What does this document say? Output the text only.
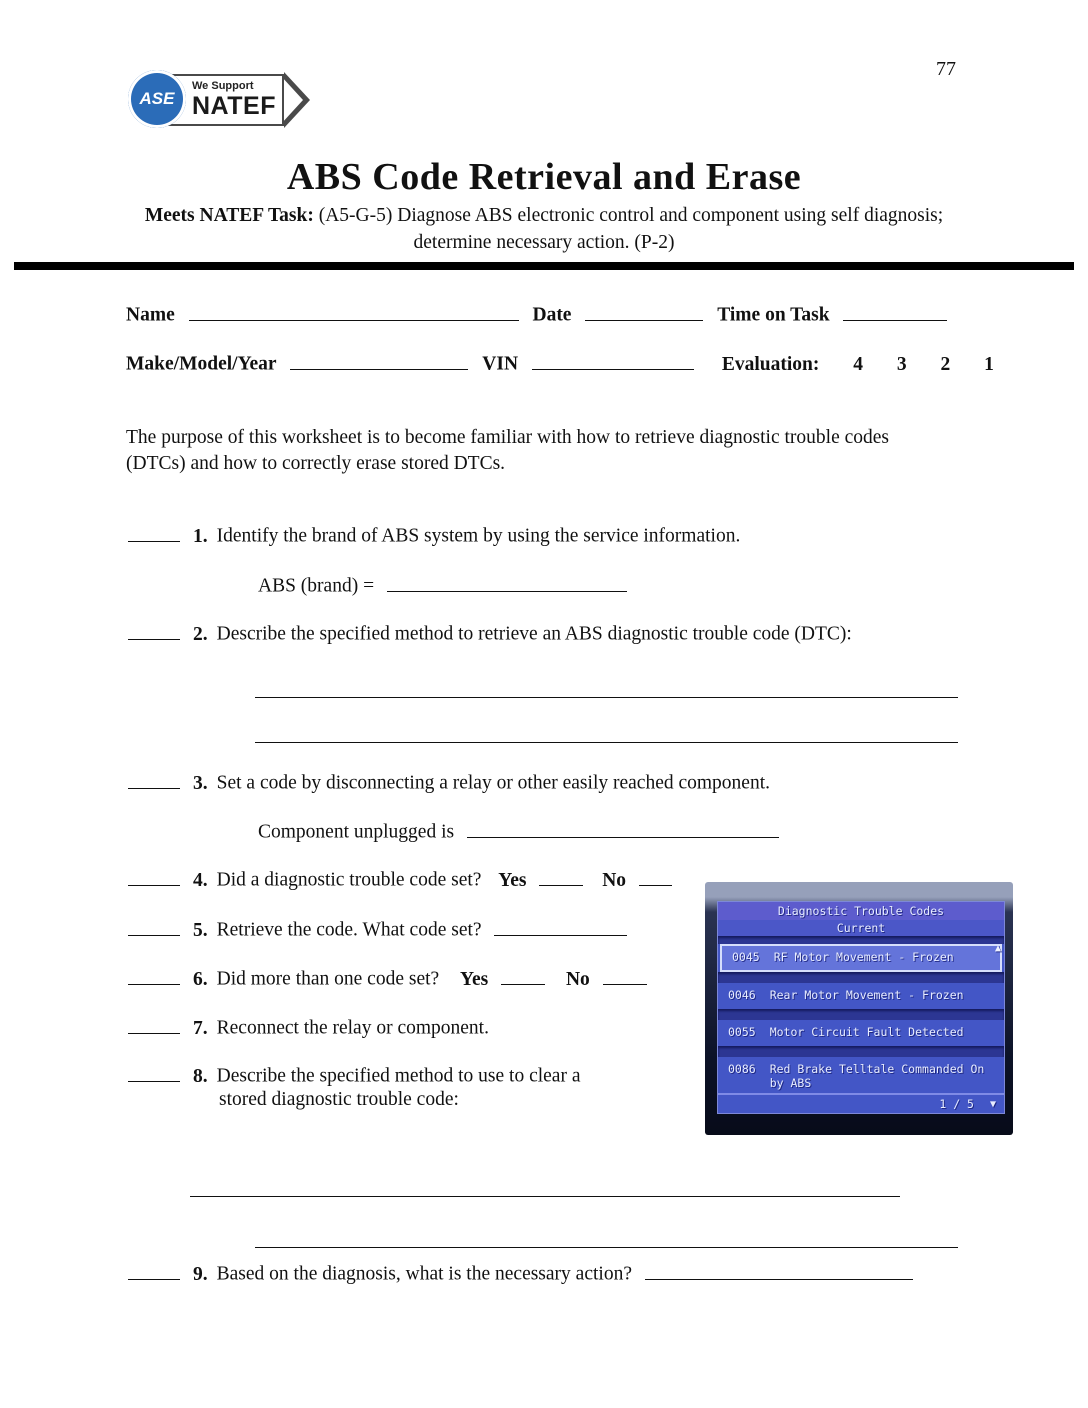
77
We Support
NATEF
ASE
ABS Code Retrieval and Erase
Meets NATEF Task: (A5-G-5) Diagnose ABS electronic control and component using self diagnosis; determine necessary action. (P-2)
Name	Date	Time on Task
Make/Model/Year	VIN	Evaluation: 4 3 2 1
The purpose of this worksheet is to become familiar with how to retrieve diagnostic trouble codes (DTCs) and how to correctly erase stored DTCs.
1. Identify the brand of ABS system by using the service information.
ABS (brand) =
2. Describe the specified method to retrieve an ABS diagnostic trouble code (DTC):
3. Set a code by disconnecting a relay or other easily reached component.
Component unplugged is
4. Did a diagnostic trouble code set? Yes	No
5. Retrieve the code. What code set?
6. Did more than one code set? Yes	No
7. Reconnect the relay or component.
8. Describe the specified method to use to clear a
stored diagnostic trouble code:
9. Based on the diagnosis, what is the necessary action?
Diagnostic Trouble Codes
Current
0045 RF Motor Movement - Frozen
0046 Rear Motor Movement - Frozen
0055 Motor Circuit Fault Detected
0086 Red Brake Telltale Commanded On
by ABS
▲
1 / 5 ▼
